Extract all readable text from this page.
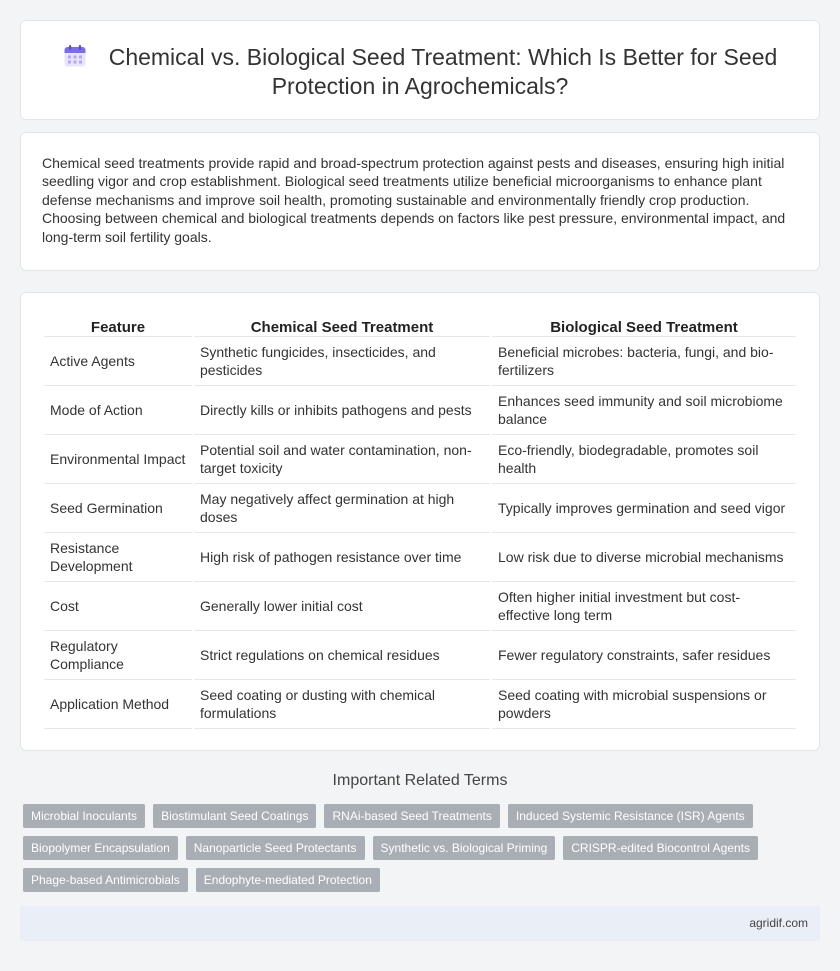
Chemical vs. Biological Seed Treatment: Which Is Better for Seed Protection in Agrochemicals?

Chemical seed treatments provide rapid and broad-spectrum protection against pests and diseases, ensuring high initial seedling vigor and crop establishment. Biological seed treatments utilize beneficial microorganisms to enhance plant defense mechanisms and improve soil health, promoting sustainable and environmentally friendly crop production. Choosing between chemical and biological treatments depends on factors like pest pressure, environmental impact, and long-term soil fertility goals.

Feature	Chemical Seed Treatment	Biological Seed Treatment
Active Agents	Synthetic fungicides, insecticides, and pesticides	Beneficial microbes: bacteria, fungi, and bio-fertilizers
Mode of Action	Directly kills or inhibits pathogens and pests	Enhances seed immunity and soil microbiome balance
Environmental Impact	Potential soil and water contamination, non-target toxicity	Eco-friendly, biodegradable, promotes soil health
Seed Germination	May negatively affect germination at high doses	Typically improves germination and seed vigor
Resistance Development	High risk of pathogen resistance over time	Low risk due to diverse microbial mechanisms
Cost	Generally lower initial cost	Often higher initial investment but cost-effective long term
Regulatory Compliance	Strict regulations on chemical residues	Fewer regulatory constraints, safer residues
Application Method	Seed coating or dusting with chemical formulations	Seed coating with microbial suspensions or powders
Important Related Terms
Microbial Inoculants	Biostimulant Seed Coatings	RNAi-based Seed Treatments	Induced Systemic Resistance (ISR) Agents
Biopolymer Encapsulation	Nanoparticle Seed Protectants	Synthetic vs. Biological Priming	CRISPR-edited Biocontrol Agents
Phage-based Antimicrobials	Endophyte-mediated Protection
agridif.com
